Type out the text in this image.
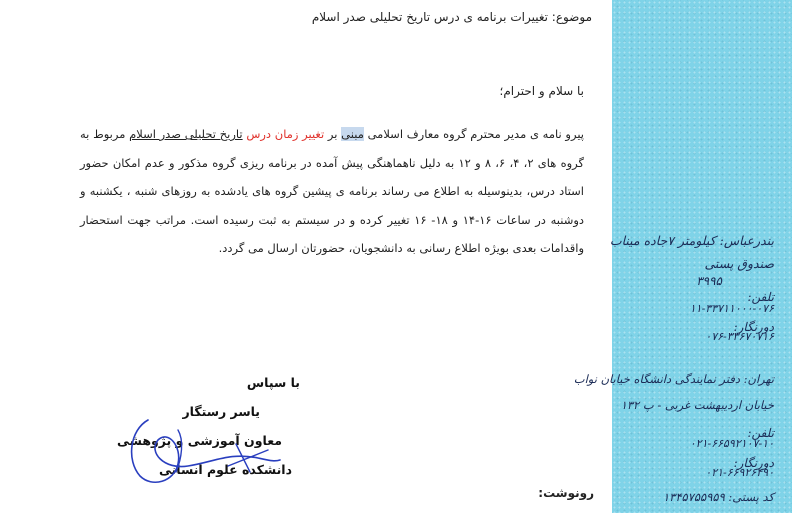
موضوع: تغییرات برنامه ی درس تاریخ تحلیلی صدر اسلام
با سلام و احترام؛
پیرو نامه ی مدیر محترم گروه معارف اسلامی مبنی بر تغییر زمان درس تاریخ تحلیلی صدر اسلام مربوط به گروه های ۲، ۴، ۶، ۸ و ۱۲ به دلیل ناهماهنگی پیش آمده در برنامه ریزی گروه مذکور و عدم امکان حضور استاد درس، بدینوسیله به اطلاع می رساند برنامه ی پیشین گروه های یادشده به روزهای شنبه ، یکشنبه و دوشنبه در ساعات ۱۶-۱۴ و ۱۸- ۱۶ تغییر کرده و در سیستم به ثبت رسیده است. مراتب جهت استحضار واقدامات بعدی بویژه اطلاع رسانی به دانشجویان، حضورتان ارسال می گردد.
با سپاس
یاسر رستگار
معاون آموزشی و پژوهشی
دانشکده علوم انسانی
رونوشت:
بندرعباس: کیلومتر ۷جاده میناب
صندوق پستی
۳۹۹۵
تلفن:
۱۱-۳۳۷۱۱۰۰۰-۰۷۶
دورنگار:
۰۷۶-۳۳۶۷۰۷۱۶
تهران: دفتر نمایندگی دانشگاه خیابان نواب
خیابان اردیبهشت غربی - پ ۱۳۲
تلفن:
۰۲۱-۶۶۵۹۲۱۰۷-۱۰
دورنگار:
۰۲۱-۶۶۹۲۶۴۹۰
کد پستی: ۱۳۴۵۷۵۵۹۵۹
